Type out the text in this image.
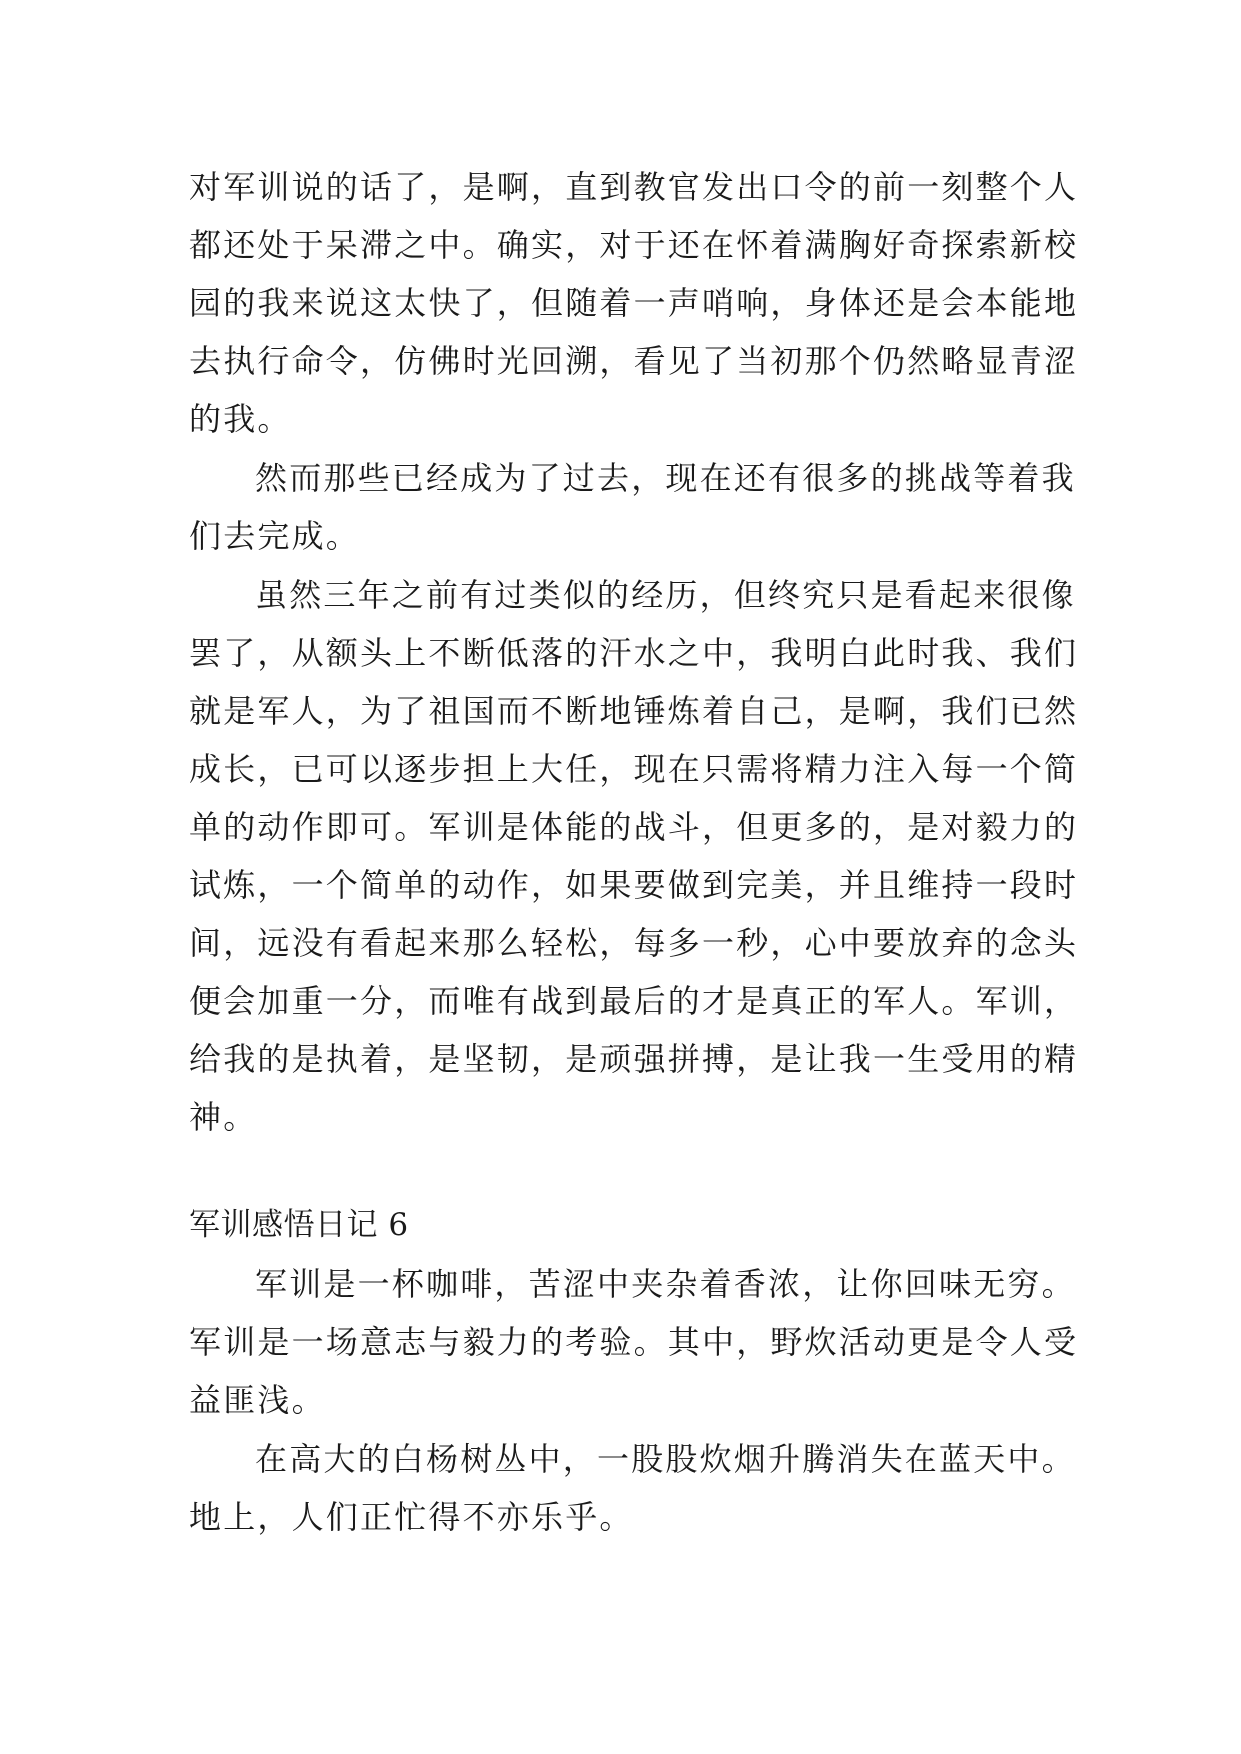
对军训说的话了，是啊，直到教官发出口令的前一刻整个人
都还处于呆滞之中。确实，对于还在怀着满胸好奇探索新校
园的我来说这太快了，但随着一声哨响，身体还是会本能地
去执行命令，仿佛时光回溯，看见了当初那个仍然略显青涩
的我。
然而那些已经成为了过去，现在还有很多的挑战等着我
们去完成。
虽然三年之前有过类似的经历，但终究只是看起来很像
罢了，从额头上不断低落的汗水之中，我明白此时我、我们
就是军人，为了祖国而不断地锤炼着自己，是啊，我们已然
成长，已可以逐步担上大任，现在只需将精力注入每一个简
单的动作即可。军训是体能的战斗，但更多的，是对毅力的
试炼，一个简单的动作，如果要做到完美，并且维持一段时
间，远没有看起来那么轻松，每多一秒，心中要放弃的念头
便会加重一分，而唯有战到最后的才是真正的军人。军训，
给我的是执着，是坚韧，是顽强拼搏，是让我一生受用的精
神。
军训感悟日记 6
军训是一杯咖啡，苦涩中夹杂着香浓，让你回味无穷。
军训是一场意志与毅力的考验。其中，野炊活动更是令人受
益匪浅。
在高大的白杨树丛中，一股股炊烟升腾消失在蓝天中。
地上，人们正忙得不亦乐乎。
